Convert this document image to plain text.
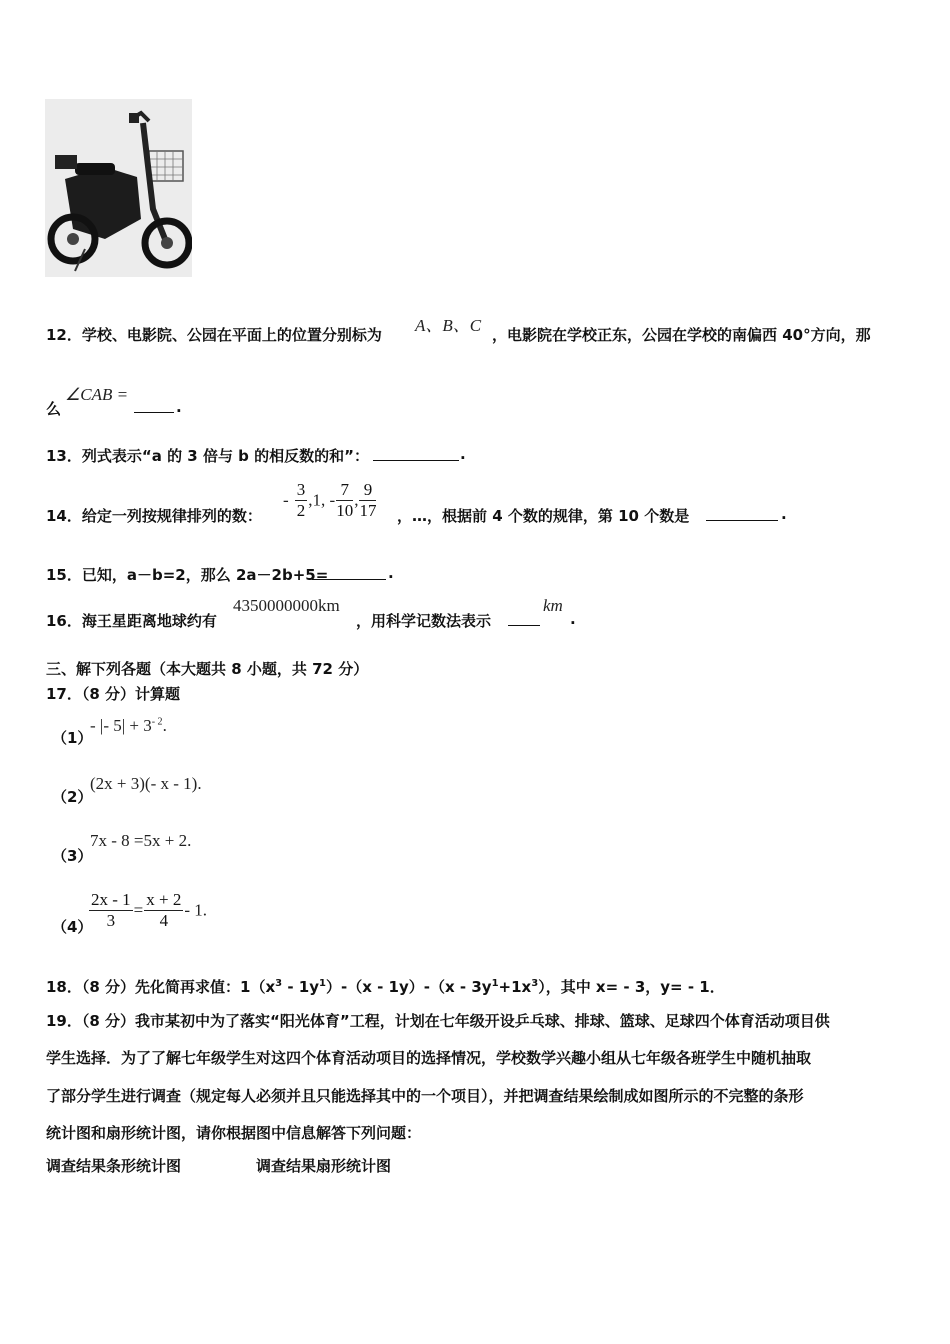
12．学校、电影院、公园在平面上的位置分别标为 A、B、C ，电影院在学校正东，公园在学校的南偏西 40°方向，那
么
∠CAB =
.
13．列式表示“a 的 3 倍与 b 的相反数的和”：	.
14．给定一列按规律排列的数：
- $\frac{3}{2} ,1$, - $\frac{7}{10}$ , $\frac{9}{17}$ ，…，根据前 4 个数的规律，第 10 个数是	.
15．已知，a－b=2，那么 2a－2b+5=	.
16．海王星距离地球约有
4350000000km
，用科学记数法表示
km
.
三、解下列各题（本大题共 8 小题，共 72 分）
17．（8 分）计算题
（1）
- |- $5| + 3^{- 2}$.
（2）
(2x + 3)(- x - 1).
（3）
7x - 8 =5x + 2.
（4）
$\frac{2x - 1}{3} = \frac{x + 2}{4} - 1$.
18．（8 分）先化简再求值：$1(x^3 - 1y^1)-(x - 1y)-(x - 3y^1+1x^3)$，其中 x= - 3，y= - 1．
19．（8 分）我市某初中为了落实“阳光体育”工程，计划在七年级开设乒乓球、排球、篮球、足球四个体育活动项目供
学生选择．为了了解七年级学生对这四个体育活动项目的选择情况，学校数学兴趣小组从七年级各班学生中随机抽取
了部分学生进行调查（规定每人必须并且只能选择其中的一个项目），并把调查结果绘制成如图所示的不完整的条形
统计图和扇形统计图，请你根据图中信息解答下列问题：
调查结果条形统计图	调查结果扇形统计图
